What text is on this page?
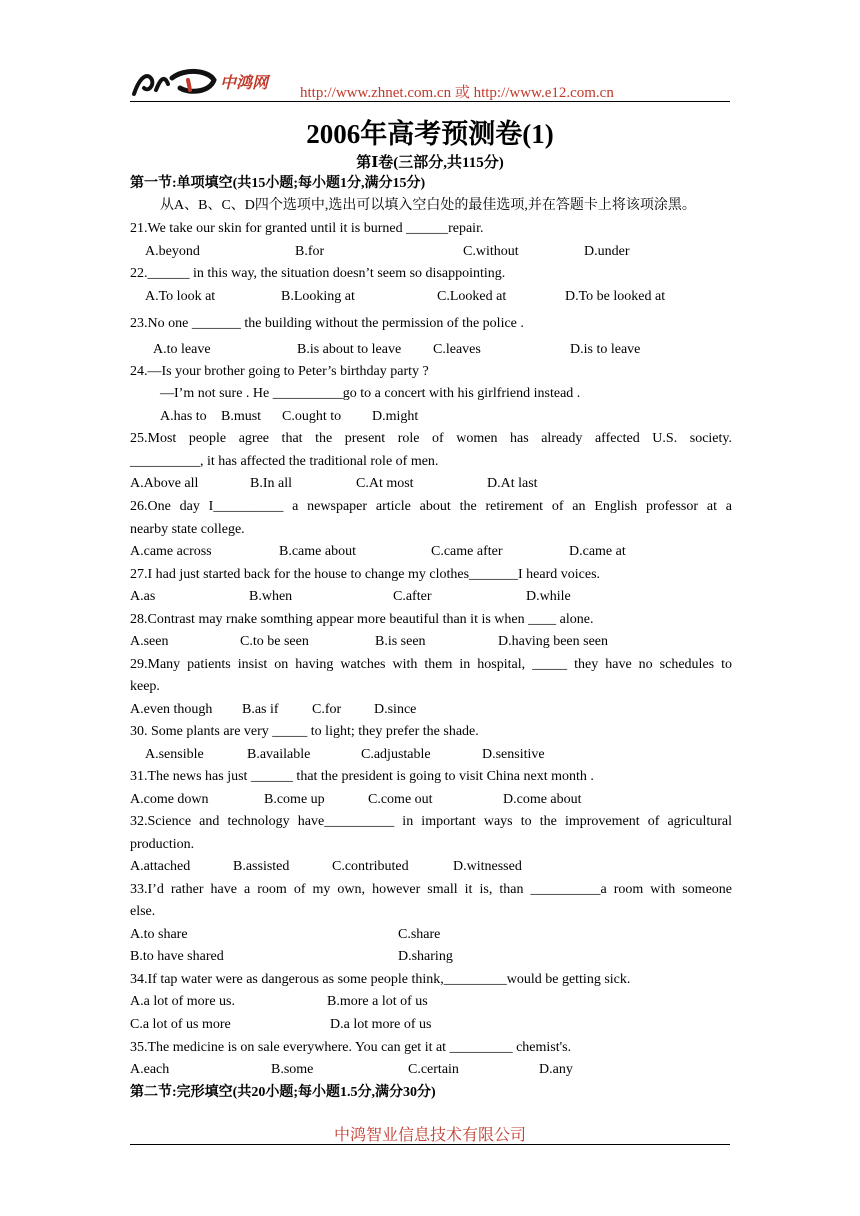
中鸿网
http://www.zhnet.com.cn 或 http://www.e12.com.cn
2006年高考预测卷(1)
第Ⅰ卷(三部分,共115分)
第一节:单项填空(共15小题;每小题1分,满分15分)
从A、B、C、D四个选项中,选出可以填入空白处的最佳选项,并在答题卡上将该项涂黑。
21.We take our skin for granted until it is burned ______repair.
A.beyond	B.for	C.without	D.under
22.______ in this way, the situation doesn’t seem so disappointing.
A.To look at	B.Looking at	C.Looked at	D.To be looked at
23.No one _______ the building without the permission of the police .
A.to leave	B.is about to leave C.leaves	D.is to leave
24.—Is your brother going to Peter’s birthday party ?
—I’m not sure . He __________go to a concert with his girlfriend instead .
A.has to B.must C.ought to D.might
25.Most people agree that the present role of women has already affected U.S. society.
__________, it has affected the traditional role of men.
A.Above all	B.In all	C.At most	D.At last
26.One day I__________ a newspaper article about the retirement of an English professor at a
nearby state college.
A.came across	B.came about	C.came after	D.came at
27.I had just started back for the house to change my clothes_______I heard voices.
A.as	B.when	C.after	D.while
28.Contrast may rnake somthing appear more beautiful than it is when ____ alone.
A.seen	C.to be seen	B.is seen	D.having been seen
29.Many patients insist on having watches with them in hospital, _____ they have no schedules to
keep.
A.even though B.as if C.for D.since
30. Some plants are very _____ to light; they prefer the shade.
A.sensible	B.available	C.adjustable	D.sensitive
31.The news has just ______ that the president is going to visit China next month .
A.come down	B.come up	C.come out	D.come about
32.Science and technology have__________ in important ways to the improvement of agricultural
production.
A.attached	B.assisted	C.contributed	D.witnessed
33.I’d rather have a room of my own, however small it is, than __________a room with someone
else.
A.to share	C.share
B.to have shared	D.sharing
34.If tap water were as dangerous as some people think,_________would be getting sick.
A.a lot of more us.	B.more a lot of us
C.a lot of us more	D.a lot more of us
35.The medicine is on sale everywhere. You can get it at _________ chemist's.
A.each	B.some	C.certain	D.any
第二节:完形填空(共20小题;每小题1.5分,满分30分)
中鸿智业信息技术有限公司
